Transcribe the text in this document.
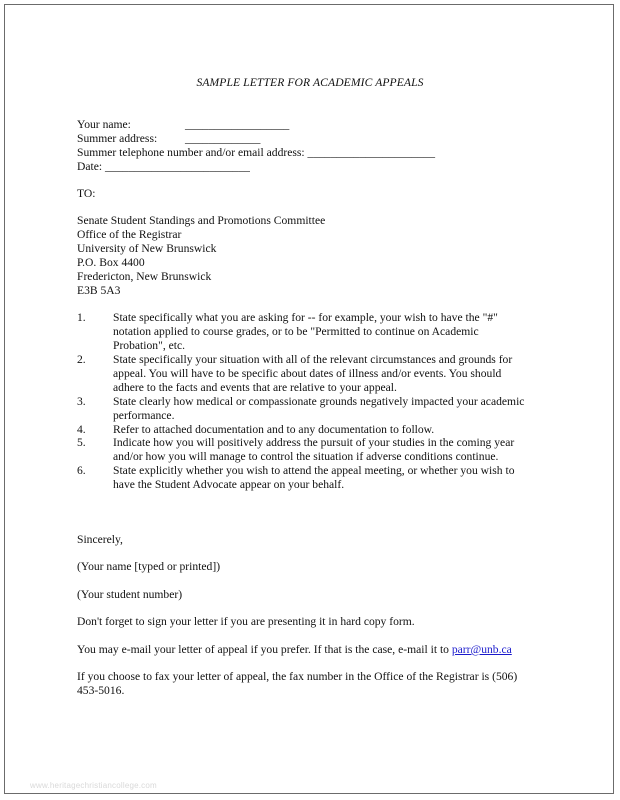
SAMPLE LETTER FOR ACADEMIC APPEALS
Your name:	__________________
Summer address: _____________
Summer telephone number and/or email address: ______________________
Date: _________________________
TO:
Senate Student Standings and Promotions Committee
Office of the Registrar
University of New Brunswick
P.O. Box 4400
Fredericton, New Brunswick
E3B 5A3
1. State specifically what you are asking for -- for example, your wish to have the "#"
notation applied to course grades, or to be "Permitted to continue on Academic
Probation", etc.
2. State specifically your situation with all of the relevant circumstances and grounds for
appeal. You will have to be specific about dates of illness and/or events. You should
adhere to the facts and events that are relative to your appeal.
3. State clearly how medical or compassionate grounds negatively impacted your academic
performance.
4. Refer to attached documentation and to any documentation to follow.
5. Indicate how you will positively address the pursuit of your studies in the coming year
and/or how you will manage to control the situation if adverse conditions continue.
6. State explicitly whether you wish to attend the appeal meeting, or whether you wish to
have the Student Advocate appear on your behalf.
Sincerely,
(Your name [typed or printed])
(Your student number)
Don't forget to sign your letter if you are presenting it in hard copy form.
You may e-mail your letter of appeal if you prefer. If that is the case, e-mail it to parr@unb.ca
If you choose to fax your letter of appeal, the fax number in the Office of the Registrar is (506)
453-5016.
www.heritagechristiancollege.com
